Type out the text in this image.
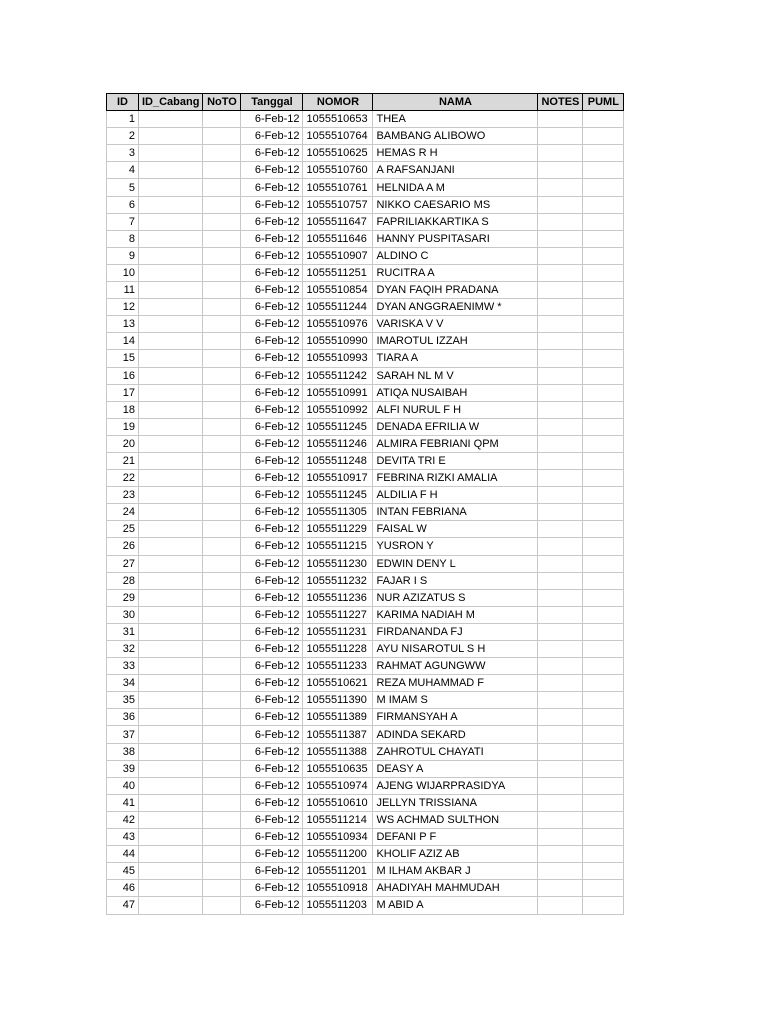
ID	ID_Cabang	NoTO	Tanggal	NOMOR	NAMA	NOTES	PUML
1			6-Feb-12	1055510653	THEA		
2			6-Feb-12	1055510764	BAMBANG ALIBOWO		
3			6-Feb-12	1055510625	HEMAS R H		
4			6-Feb-12	1055510760	A RAFSANJANI		
5			6-Feb-12	1055510761	HELNIDA A M		
6			6-Feb-12	1055510757	NIKKO CAESARIO MS		
7			6-Feb-12	1055511647	FAPRILIAKKARTIKA S		
8			6-Feb-12	1055511646	HANNY PUSPITASARI		
9			6-Feb-12	1055510907	ALDINO C		
10			6-Feb-12	1055511251	RUCITRA A		
11			6-Feb-12	1055510854	DYAN FAQIH PRADANA		
12			6-Feb-12	1055511244	DYAN ANGGRAENIMW *		
13			6-Feb-12	1055510976	VARISKA V V		
14			6-Feb-12	1055510990	IMAROTUL IZZAH		
15			6-Feb-12	1055510993	TIARA A		
16			6-Feb-12	1055511242	SARAH NL M V		
17			6-Feb-12	1055510991	ATIQA NUSAIBAH		
18			6-Feb-12	1055510992	ALFI NURUL F H		
19			6-Feb-12	1055511245	DENADA EFRILIA W		
20			6-Feb-12	1055511246	ALMIRA FEBRIANI QPM		
21			6-Feb-12	1055511248	DEVITA TRI E		
22			6-Feb-12	1055510917	FEBRINA RIZKI AMALIA		
23			6-Feb-12	1055511245	ALDILIA F H		
24			6-Feb-12	1055511305	INTAN FEBRIANA		
25			6-Feb-12	1055511229	FAISAL W		
26			6-Feb-12	1055511215	YUSRON Y		
27			6-Feb-12	1055511230	EDWIN DENY L		
28			6-Feb-12	1055511232	FAJAR I S		
29			6-Feb-12	1055511236	NUR AZIZATUS S		
30			6-Feb-12	1055511227	KARIMA NADIAH M		
31			6-Feb-12	1055511231	FIRDANANDA FJ		
32			6-Feb-12	1055511228	AYU NISAROTUL S H		
33			6-Feb-12	1055511233	RAHMAT AGUNGWW		
34			6-Feb-12	1055510621	REZA MUHAMMAD F		
35			6-Feb-12	1055511390	M IMAM S		
36			6-Feb-12	1055511389	FIRMANSYAH A		
37			6-Feb-12	1055511387	ADINDA SEKARD		
38			6-Feb-12	1055511388	ZAHROTUL CHAYATI		
39			6-Feb-12	1055510635	DEASY A		
40			6-Feb-12	1055510974	AJENG WIJARPRASIDYA		
41			6-Feb-12	1055510610	JELLYN TRISSIANA		
42			6-Feb-12	1055511214	WS ACHMAD SULTHON		
43			6-Feb-12	1055510934	DEFANI P F		
44			6-Feb-12	1055511200	KHOLIF AZIZ AB		
45			6-Feb-12	1055511201	M ILHAM AKBAR J		
46			6-Feb-12	1055510918	AHADIYAH MAHMUDAH		
47			6-Feb-12	1055511203	M ABID A		
